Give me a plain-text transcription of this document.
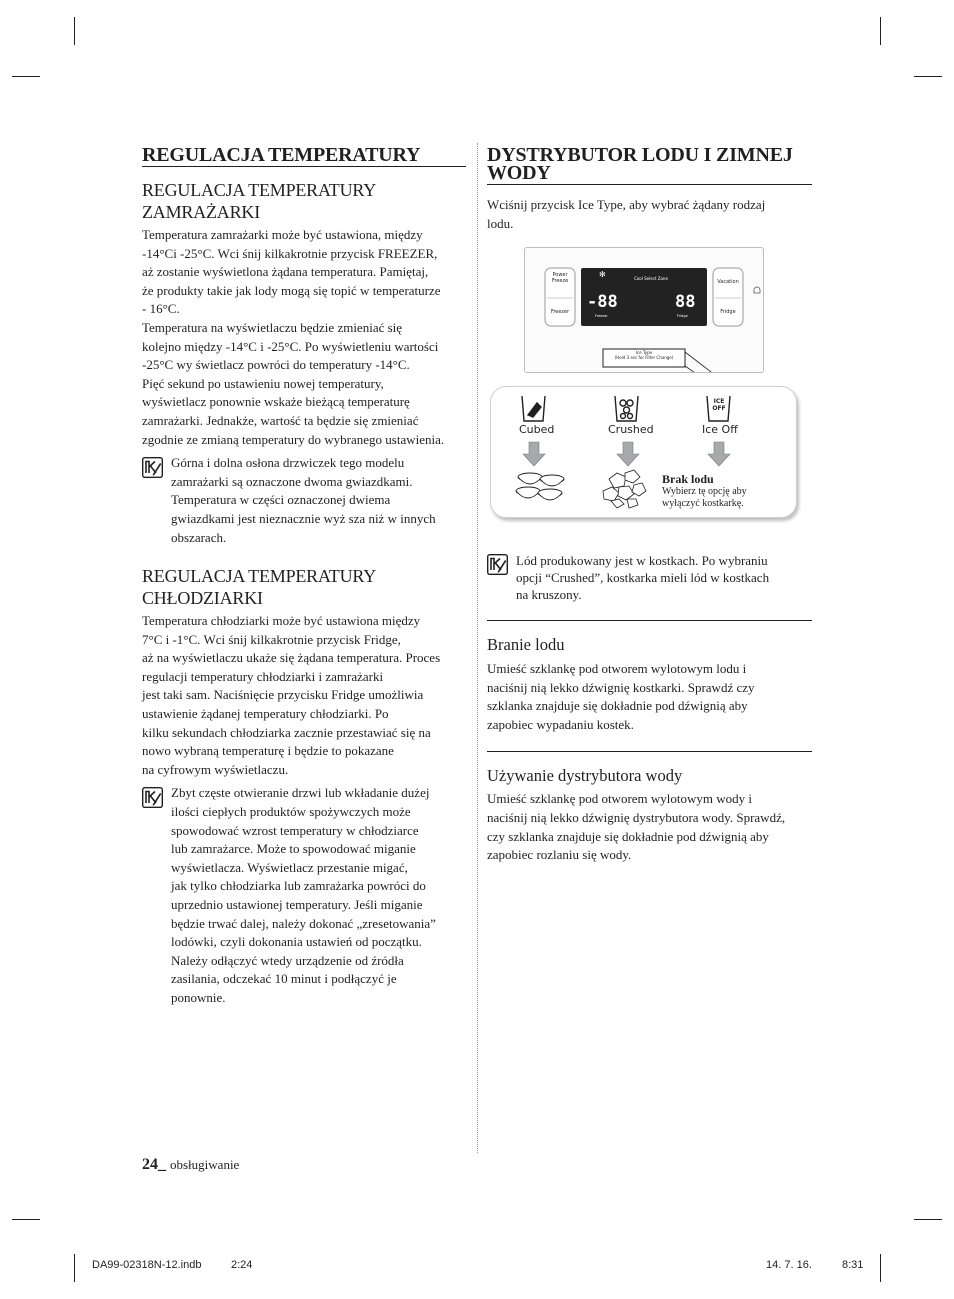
REGULACJA TEMPERATURY
REGULACJA TEMPERATURY
ZAMRAŻARKI

Temperatura zamrażarki może być ustawiona, między

-14°Ci -25°C. Wci śnij kilkakrotnie przycisk FREEZER,

aż zostanie wyświetlona żądana temperatura. Pamiętaj,

że produkty takie jak lody mogą się topić w temperaturze

- 16°C.

Temperatura na wyświetlaczu będzie zmieniać się

kolejno między -14°C i -25°C. Po wyświetleniu wartości

-25°C wy świetlacz powróci do temperatury -14°C.

Pięć sekund po ustawieniu nowej temperatury,

wyświetlacz ponownie wskaże bieżącą temperaturę

zamrażarki. Jednakże, wartość ta będzie się zmieniać

zgodnie ze zmianą temperatury do wybranego ustawienia.

Górna i dolna osłona drzwiczek tego modelu

zamrażarki są oznaczone dwoma gwiazdkami.

Temperatura w części oznaczonej dwiema

gwiazdkami jest nieznacznie wyż sza niż w innych

obszarach.

REGULACJA TEMPERATURY
CHŁODZIARKI

Temperatura chłodziarki może być ustawiona między

7°C i -1°C. Wci śnij kilkakrotnie przycisk Fridge,

aż na wyświetlaczu ukaże się żądana temperatura. Proces

regulacji temperatury chłodziarki i zamrażarki

jest taki sam. Naciśnięcie przycisku Fridge umożliwia

ustawienie żądanej temperatury chłodziarki. Po

kilku sekundach chłodziarka zacznie przestawiać się na

nowo wybraną temperaturę i będzie to pokazane

na cyfrowym wyświetlaczu.

Zbyt częste otwieranie drzwi lub wkładanie dużej

ilości ciepłych produktów spożywczych może

spowodować wzrost temperatury w chłodziarce

lub zamrażarce. Może to spowodować miganie

wyświetlacza. Wyświetlacz przestanie migać,

jak tylko chłodziarka lub zamrażarka powróci do

uprzednio ustawionej temperatury. Jeśli miganie

będzie trwać dalej, należy dokonać „zresetowania”

lodówki, czyli dokonania ustawień od początku.

Należy odłączyć wtedy urządzenie od źródła

zasilania, odczekać 10 minut i podłączyć je

ponownie.

DYSTRYBUTOR LODU I ZIMNEJ
WODY

Wciśnij przycisk Ice Type, aby wybrać żądany rodzaj

lodu.

Power
Freeze
Freezer
Vacation
Fridge
Cool Select Zone
✻
-88	88
Freezer	Fridge
Ice Type
(Hold 3 sec for Filter Change)
Cubed	Crushed	Ice Off
ICE
OFF
Brak lodu
Wybierz tę opcję aby
wyłączyć kostkarkę.

Lód produkowany jest w kostkach. Po wybraniu

opcji “Crushed”, kostkarka mieli lód w kostkach

na kruszony.

Branie lodu

Umieść szklankę pod otworem wylotowym lodu i

naciśnij nią lekko dźwignię kostkarki. Sprawdź czy

szklanka znajduje się dokładnie pod dźwignią aby

zapobiec wypadaniu kostek.

Używanie dystrybutora wody

Umieść szklankę pod otworem wylotowym wody i

naciśnij nią lekko dźwignię dystrybutora wody. Sprawdź,

czy szklanka znajduje się dokładnie pod dźwignią aby

zapobiec rozlaniu się wody.

24_ obsługiwanie
DA99-02318N-12.indb	2:24	14. 7. 16.	8:31
